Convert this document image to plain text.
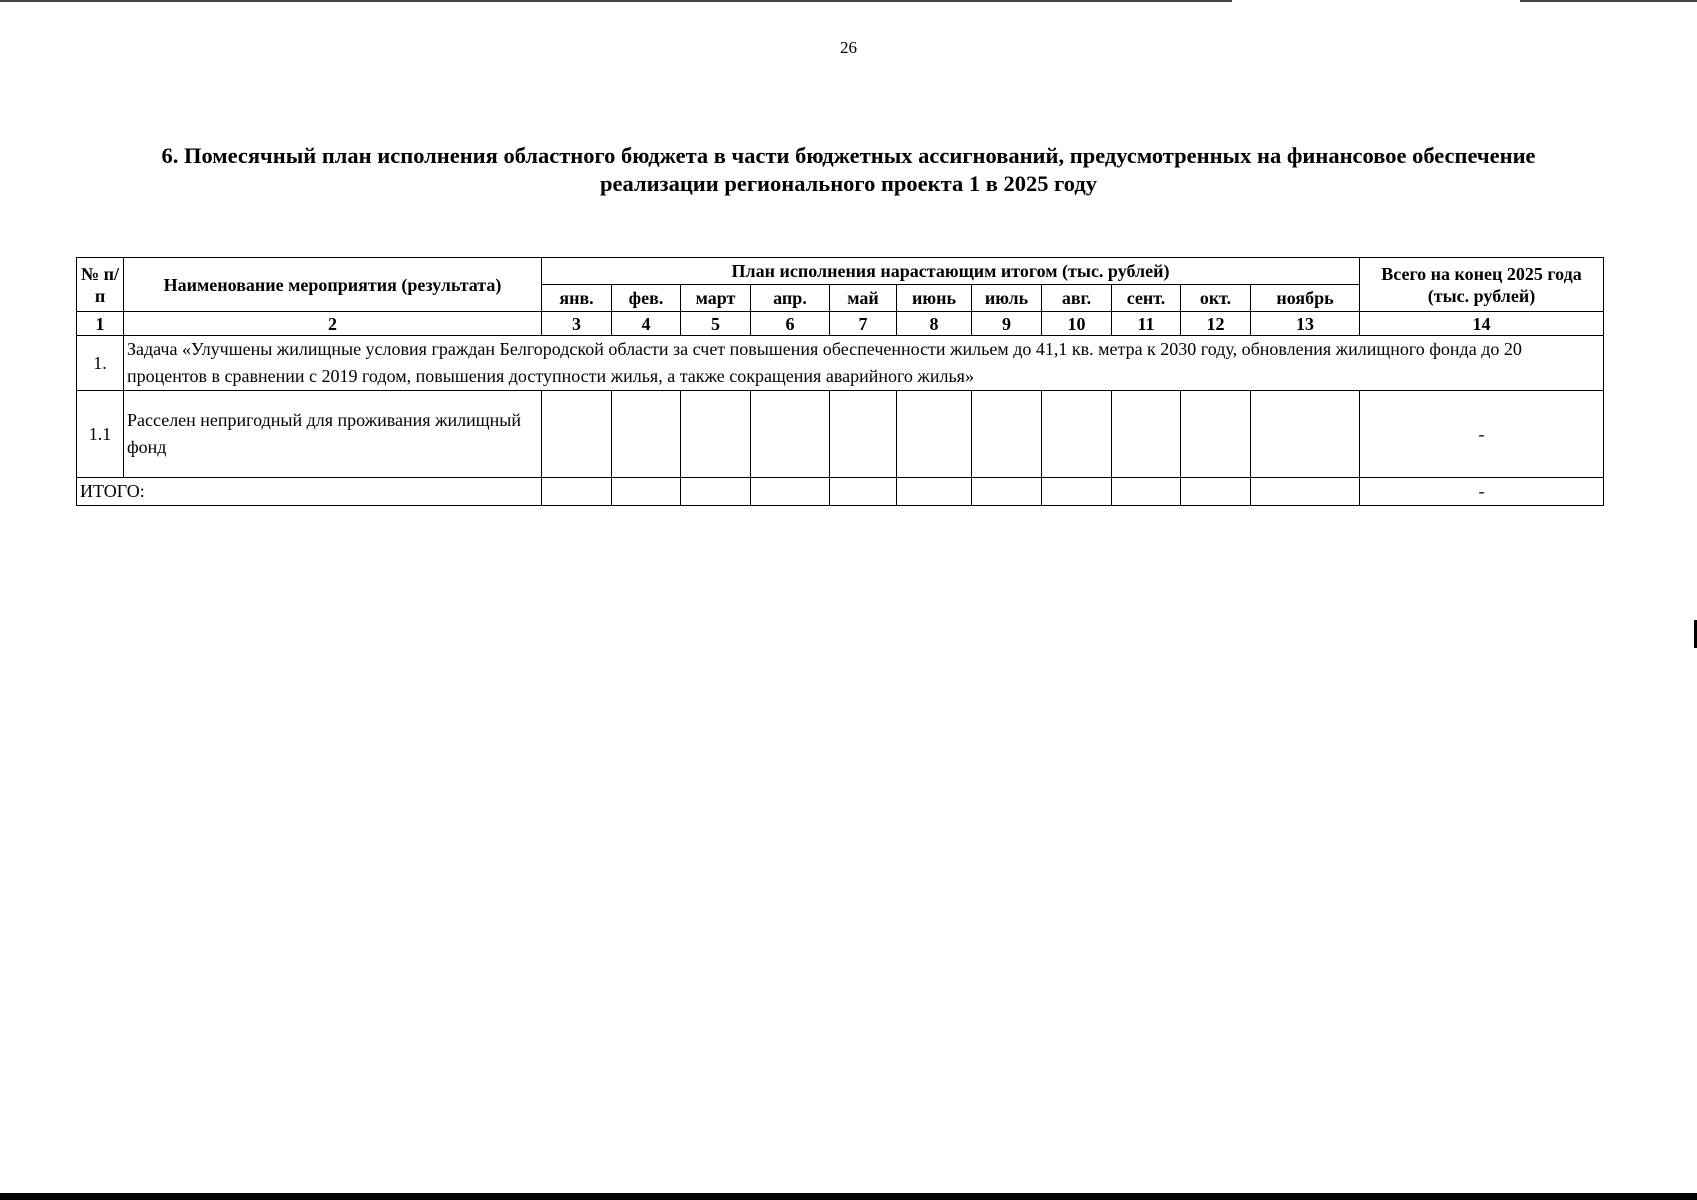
26
6. Помесячный план исполнения областного бюджета в части бюджетных ассигнований, предусмотренных на финансовое обеспечение
реализации регионального проекта 1 в 2025 году
№ п/п	Наименование мероприятия (результата)	План исполнения нарастающим итогом (тыс. рублей)											Всего на конец 2025 года (тыс. рублей)
		янв.	фев.	март	апр.	май	июнь	июль	авг.	сент.	окт.	ноябрь	
1	2	3	4	5	6	7	8	9	10	11	12	13	14
1.	Задача «Улучшены жилищные условия граждан Белгородской области за счет повышения обеспеченности жильем до 41,1 кв. метра к 2030 году, обновления жилищного фонда до 20 процентов в сравнении с 2019 годом, повышения доступности жилья, а также сокращения аварийного жилья»												
1.1	Расселен непригодный для проживания жилищный фонд												-
ИТОГО:													-
